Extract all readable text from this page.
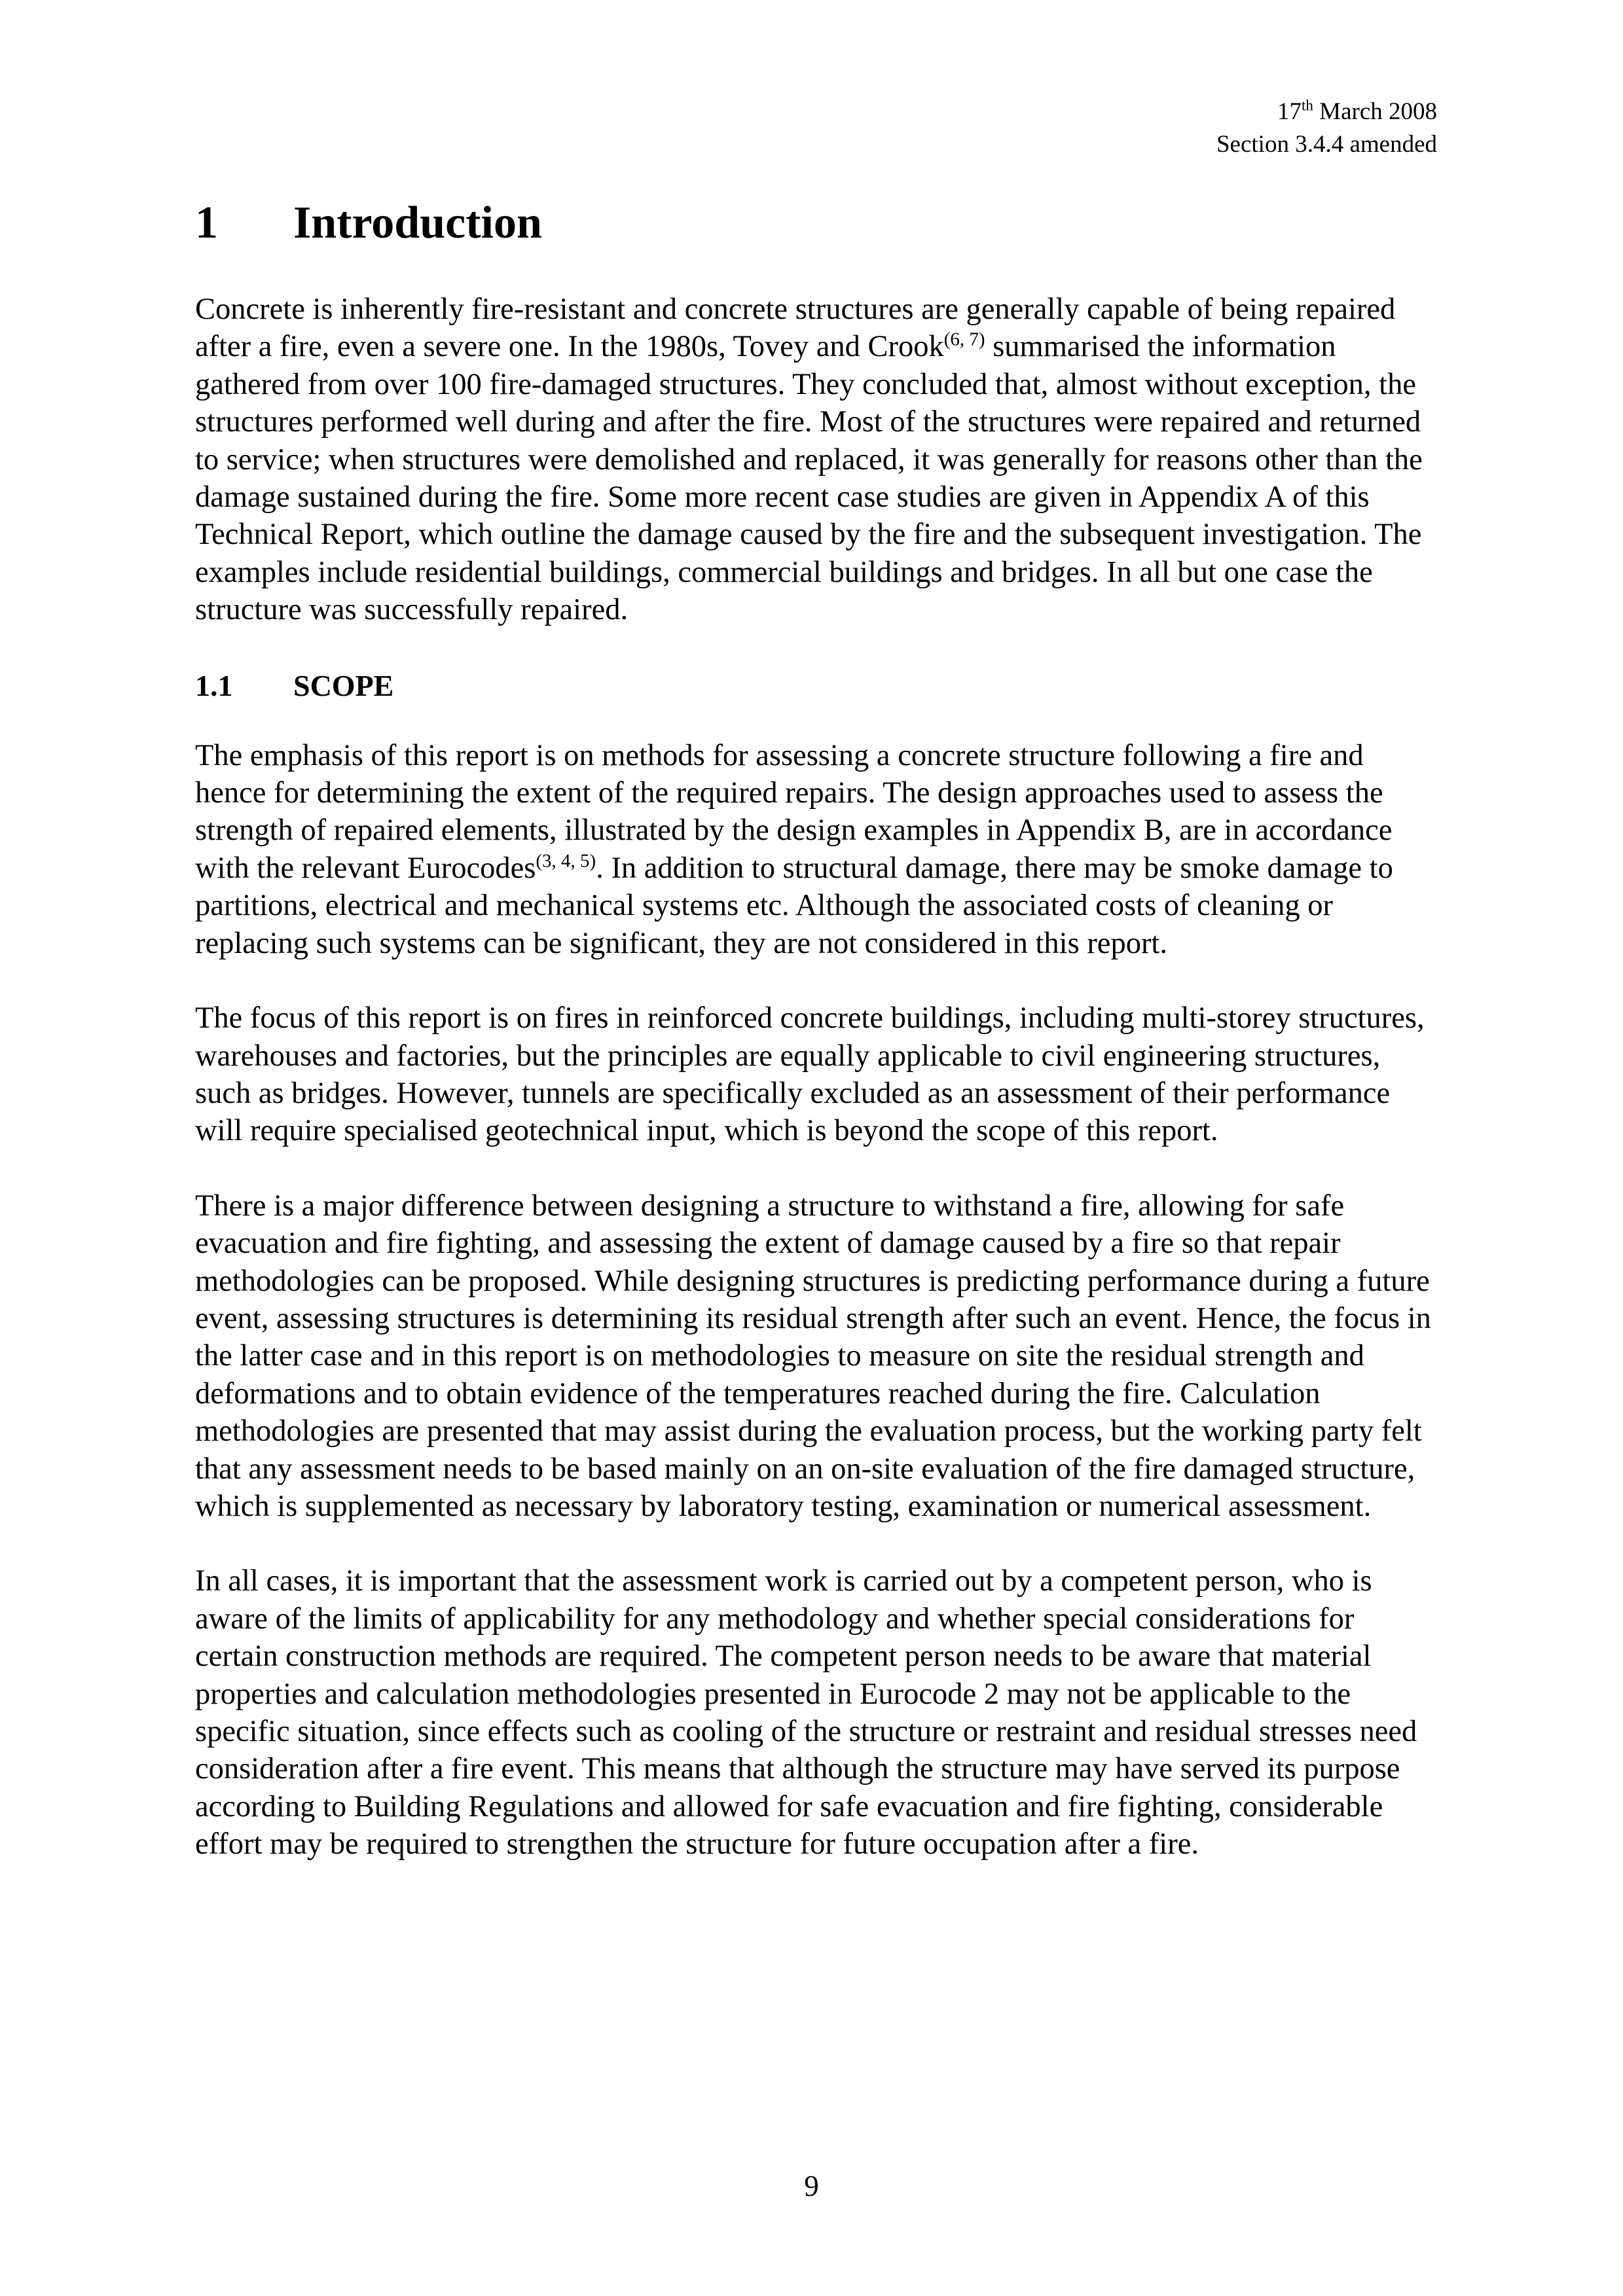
17th March 2008
Section 3.4.4 amended
1 Introduction

Concrete is inherently fire-resistant and concrete structures are generally capable of being repaired after a fire, even a severe one. In the 1980s, Tovey and Crook$^{(6, 7)}$ summarised the information gathered from over 100 fire-damaged structures. They concluded that, almost without exception, the structures performed well during and after the fire. Most of the structures were repaired and returned to service; when structures were demolished and replaced, it was generally for reasons other than the damage sustained during the fire. Some more recent case studies are given in Appendix A of this Technical Report, which outline the damage caused by the fire and the subsequent investigation. The examples include residential buildings, commercial buildings and bridges. In all but one case the structure was successfully repaired.

1.1 SCOPE

The emphasis of this report is on methods for assessing a concrete structure following a fire and hence for determining the extent of the required repairs. The design approaches used to assess the strength of repaired elements, illustrated by the design examples in Appendix B, are in accordance with the relevant Eurocodes$^{(3, 4, 5)}$. In addition to structural damage, there may be smoke damage to partitions, electrical and mechanical systems etc. Although the associated costs of cleaning or replacing such systems can be significant, they are not considered in this report.

The focus of this report is on fires in reinforced concrete buildings, including multi-storey structures, warehouses and factories, but the principles are equally applicable to civil engineering structures, such as bridges. However, tunnels are specifically excluded as an assessment of their performance will require specialised geotechnical input, which is beyond the scope of this report.

There is a major difference between designing a structure to withstand a fire, allowing for safe evacuation and fire fighting, and assessing the extent of damage caused by a fire so that repair methodologies can be proposed. While designing structures is predicting performance during a future event, assessing structures is determining its residual strength after such an event. Hence, the focus in the latter case and in this report is on methodologies to measure on site the residual strength and deformations and to obtain evidence of the temperatures reached during the fire. Calculation methodologies are presented that may assist during the evaluation process, but the working party felt that any assessment needs to be based mainly on an on-site evaluation of the fire damaged structure, which is supplemented as necessary by laboratory testing, examination or numerical assessment.

In all cases, it is important that the assessment work is carried out by a competent person, who is aware of the limits of applicability for any methodology and whether special considerations for certain construction methods are required. The competent person needs to be aware that material properties and calculation methodologies presented in Eurocode 2 may not be applicable to the specific situation, since effects such as cooling of the structure or restraint and residual stresses need consideration after a fire event. This means that although the structure may have served its purpose according to Building Regulations and allowed for safe evacuation and fire fighting, considerable effort may be required to strengthen the structure for future occupation after a fire.

9
